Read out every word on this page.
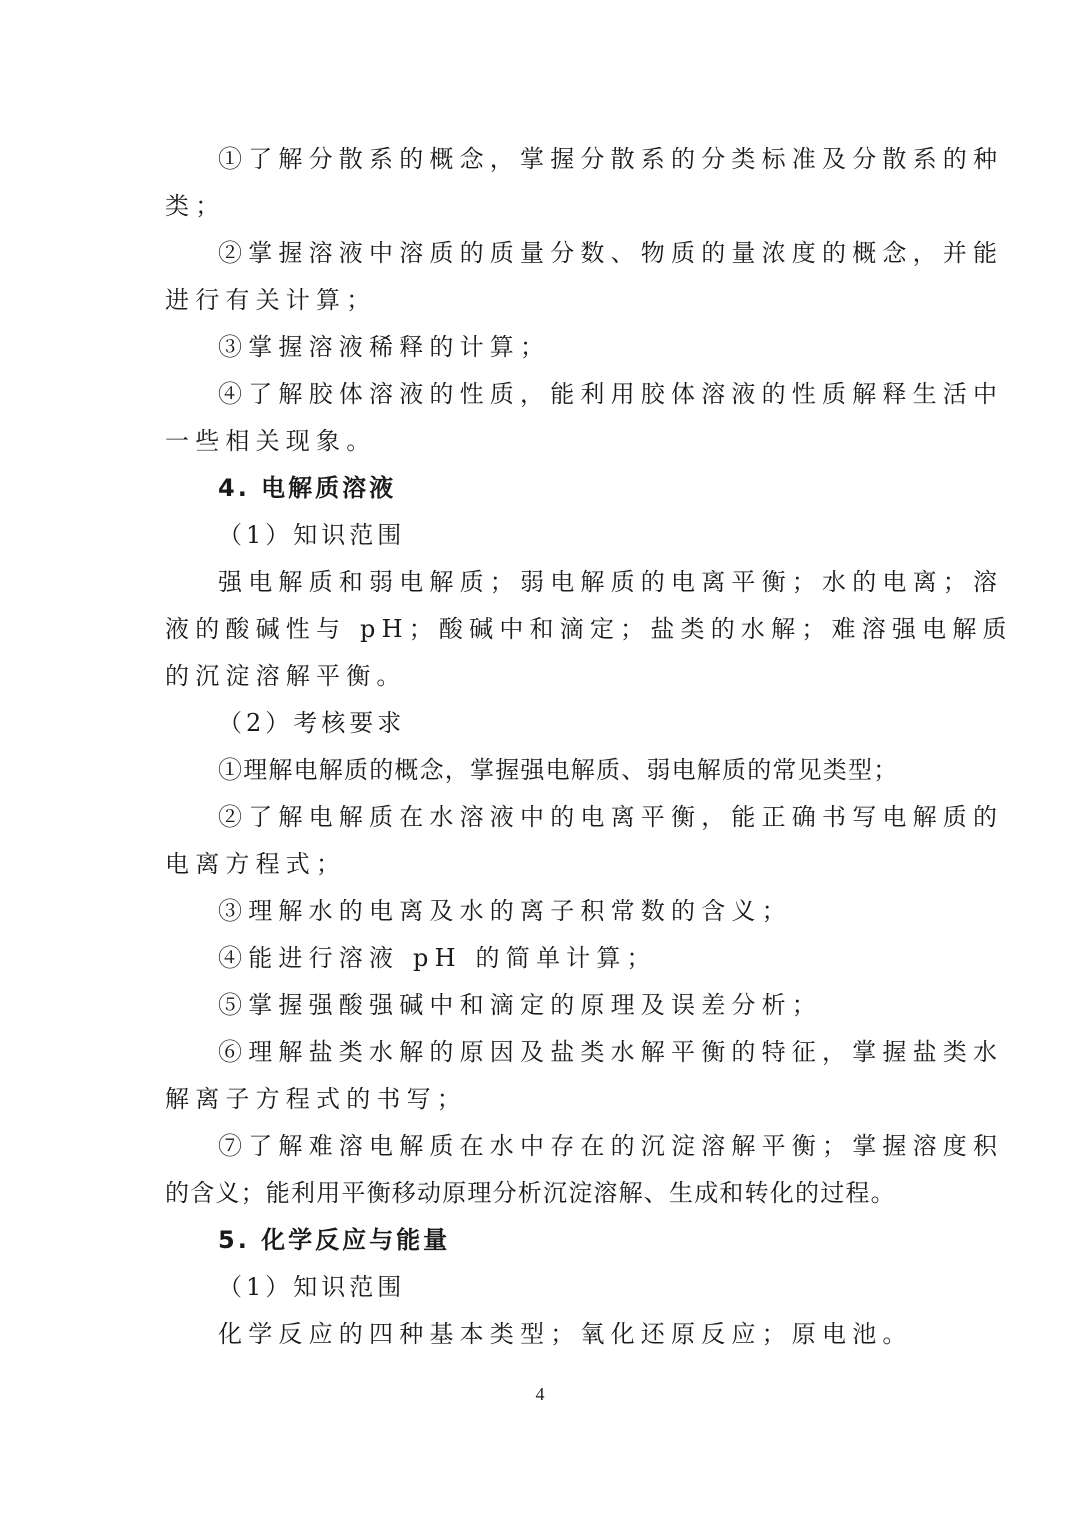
①了解分散系的概念，掌握分散系的分类标准及分散系的种
类；
②掌握溶液中溶质的质量分数、物质的量浓度的概念，并能
进行有关计算；
③掌握溶液稀释的计算；
④了解胶体溶液的性质，能利用胶体溶液的性质解释生活中
一些相关现象。
4. 电解质溶液
（1）知识范围
强电解质和弱电解质；弱电解质的电离平衡；水的电离；溶
液的酸碱性与 pH；酸碱中和滴定；盐类的水解；难溶强电解质
的沉淀溶解平衡。
（2）考核要求
①理解电解质的概念，掌握强电解质、弱电解质的常见类型；
②了解电解质在水溶液中的电离平衡，能正确书写电解质的
电离方程式；
③理解水的电离及水的离子积常数的含义；
④能进行溶液 pH 的简单计算；
⑤掌握强酸强碱中和滴定的原理及误差分析；
⑥理解盐类水解的原因及盐类水解平衡的特征，掌握盐类水
解离子方程式的书写；
⑦了解难溶电解质在水中存在的沉淀溶解平衡；掌握溶度积
的含义；能利用平衡移动原理分析沉淀溶解、生成和转化的过程。
5. 化学反应与能量
（1）知识范围
化学反应的四种基本类型；氧化还原反应；原电池。
4
